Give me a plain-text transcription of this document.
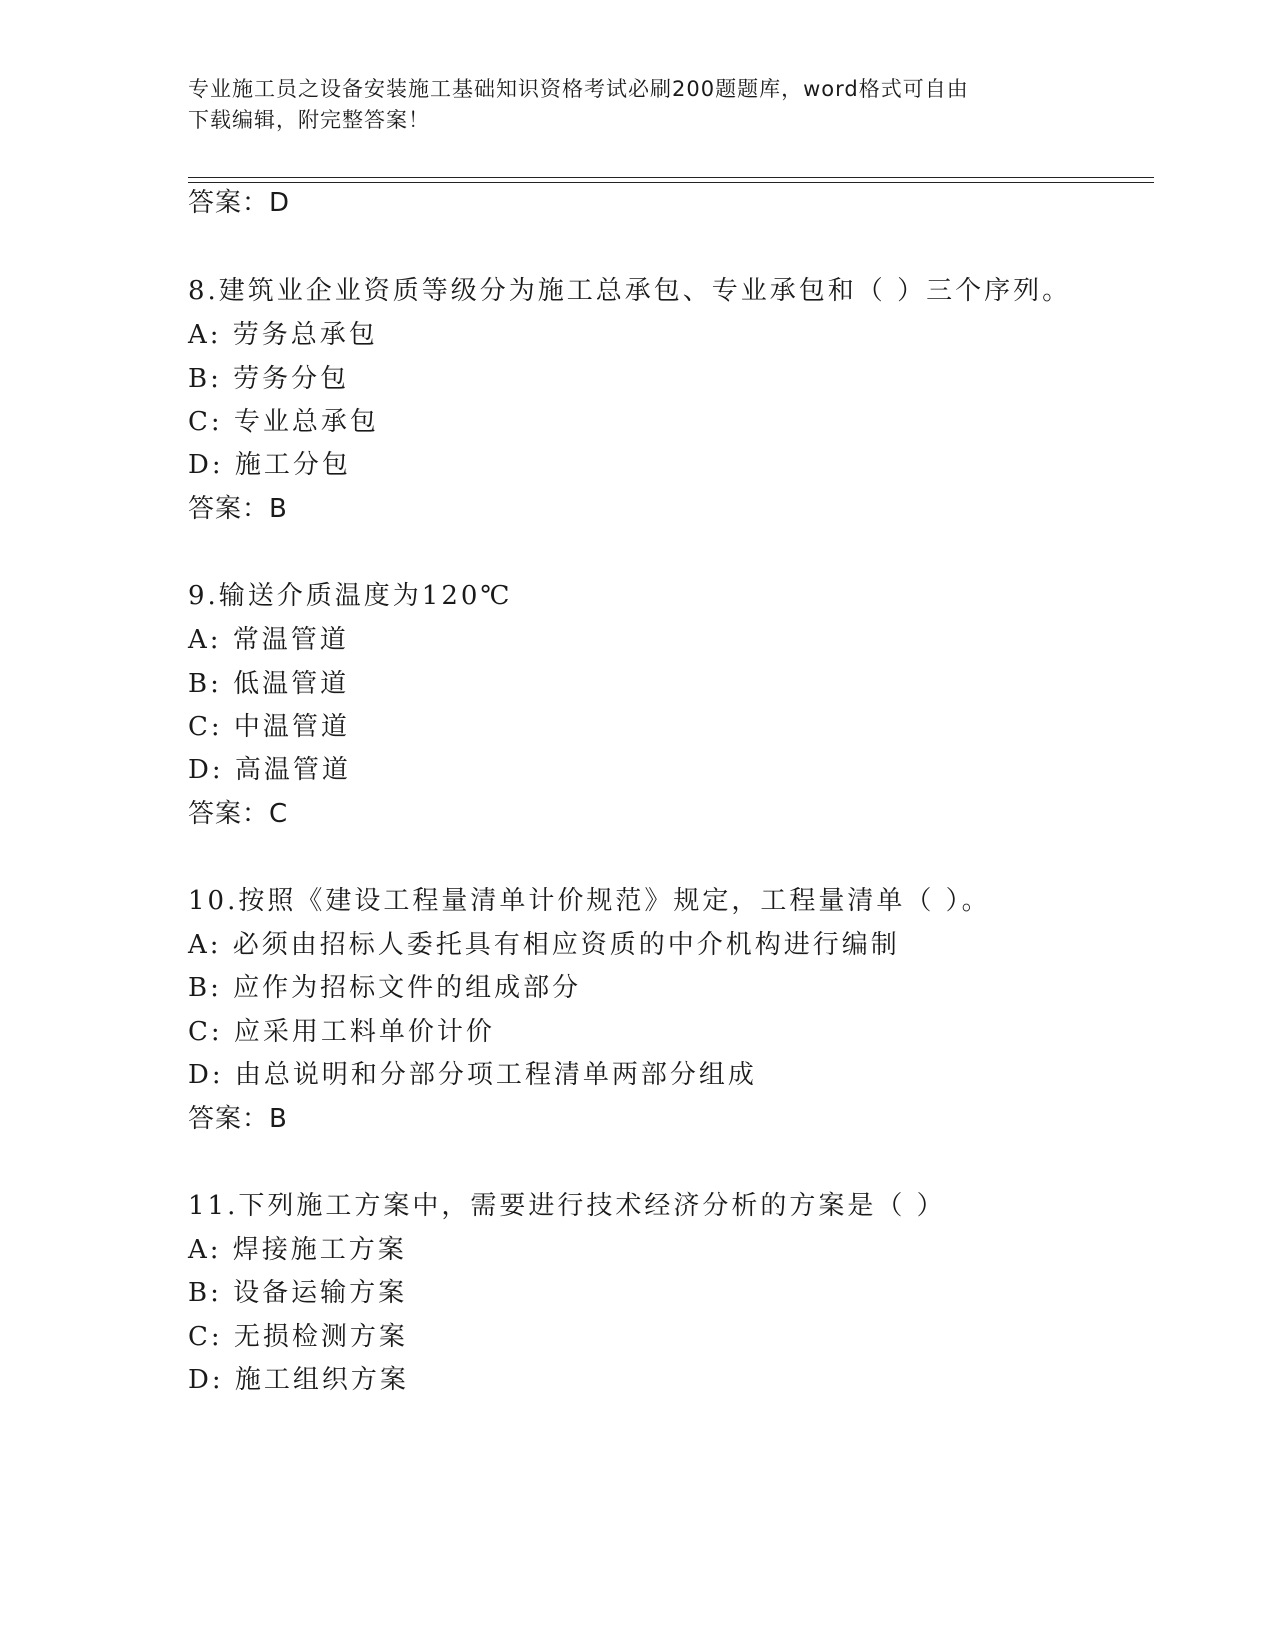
专业施工员之设备安装施工基础知识资格考试必刷200题题库，word格式可自由
下载编辑，附完整答案！
答案：D
8.建筑业企业资质等级分为施工总承包、专业承包和（ ）三个序列。
A: 劳务总承包
B: 劳务分包
C: 专业总承包
D: 施工分包
答案：B
9.输送介质温度为120℃
A: 常温管道
B: 低温管道
C: 中温管道
D: 高温管道
答案：C
10.按照《建设工程量清单计价规范》规定，工程量清单（ ）。
A: 必须由招标人委托具有相应资质的中介机构进行编制
B: 应作为招标文件的组成部分
C: 应采用工料单价计价
D: 由总说明和分部分项工程清单两部分组成
答案：B
11.下列施工方案中，需要进行技术经济分析的方案是（ ）
A: 焊接施工方案
B: 设备运输方案
C: 无损检测方案
D: 施工组织方案
